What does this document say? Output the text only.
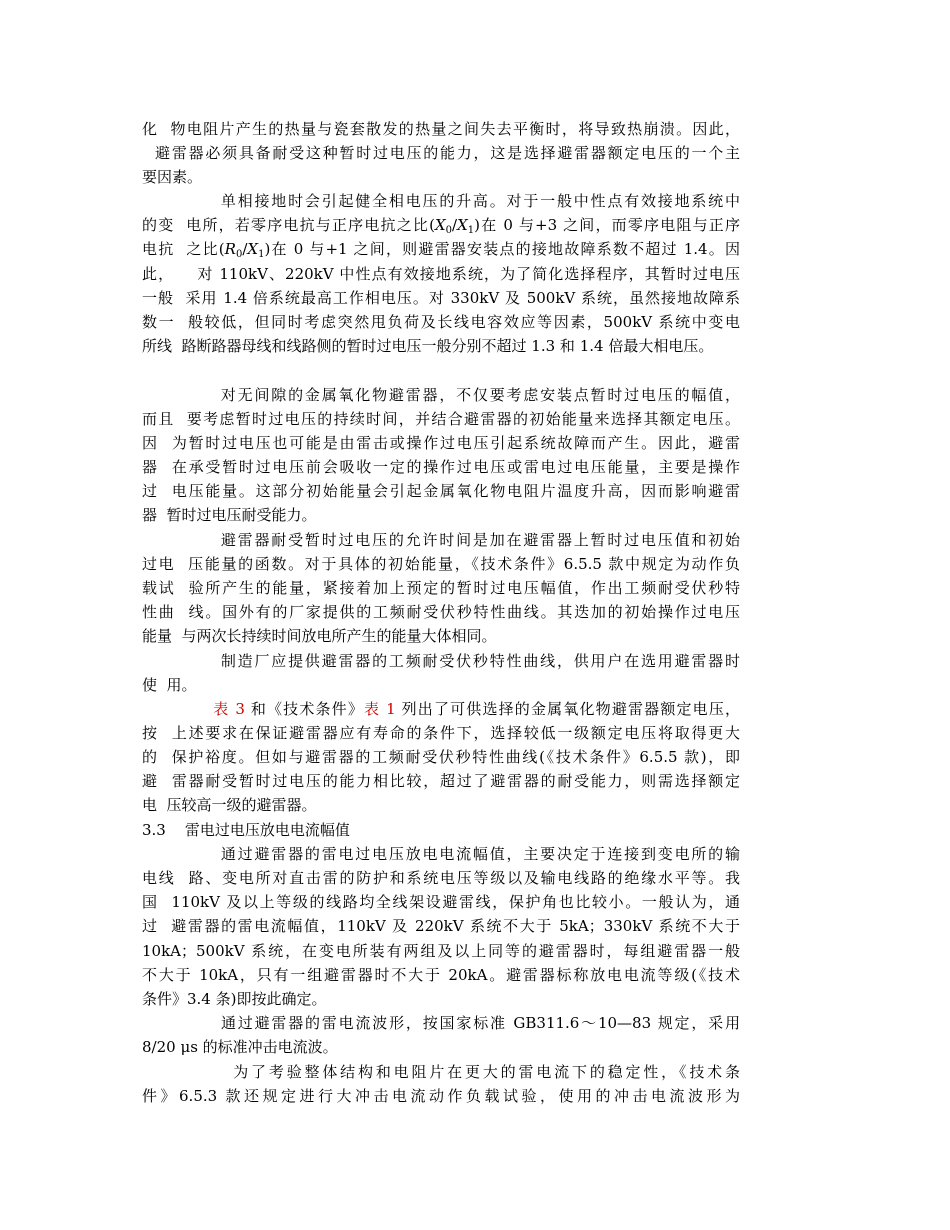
化  物电阻片产生的热量与瓷套散发的热量之间失去平衡时，将导致热崩溃。因此，
避雷器必须具备耐受这种暂时过电压的能力，这是选择避雷器额定电压的一个主
要因素。
单相接地时会引起健全相电压的升高。对于一般中性点有效接地系统中
的变  电所，若零序电抗与正序电抗之比$(X_0/X_1)$在 0 与+3 之间，而零序电阻与正序
电抗  之比$(R_0/X_1)$在 0 与+1 之间，则避雷器安装点的接地故障系数不超过 1.4。因
此，    对 110kV、220kV 中性点有效接地系统，为了简化选择程序，其暂时过电压
一般  采用 1.4 倍系统最高工作相电压。对 330kV 及 500kV 系统，虽然接地故障系
数一  般较低，但同时考虑突然甩负荷及长线电容效应等因素，500kV 系统中变电
所线  路断路器母线和线路侧的暂时过电压一般分别不超过 1.3 和 1.4 倍最大相电压。
对无间隙的金属氧化物避雷器，不仅要考虑安装点暂时过电压的幅值，
而且  要考虑暂时过电压的持续时间，并结合避雷器的初始能量来选择其额定电压。
因  为暂时过电压也可能是由雷击或操作过电压引起系统故障而产生。因此，避雷
器  在承受暂时过电压前会吸收一定的操作过电压或雷电过电压能量，主要是操作
过  电压能量。这部分初始能量会引起金属氧化物电阻片温度升高，因而影响避雷
器  暂时过电压耐受能力。
避雷器耐受暂时过电压的允许时间是加在避雷器上暂时过电压值和初始
过电  压能量的函数。对于具体的初始能量，《技术条件》6.5.5 款中规定为动作负
载试  验所产生的能量，紧接着加上预定的暂时过电压幅值，作出工频耐受伏秒特
性曲  线。国外有的厂家提供的工频耐受伏秒特性曲线。其迭加的初始操作过电压
能量  与两次长持续时间放电所产生的能量大体相同。
制造厂应提供避雷器的工频耐受伏秒特性曲线，供用户在选用避雷器时
使  用。
表 3 和《技术条件》表 1 列出了可供选择的金属氧化物避雷器额定电压，
按  上述要求在保证避雷器应有寿命的条件下，选择较低一级额定电压将取得更大
的  保护裕度。但如与避雷器的工频耐受伏秒特性曲线(《技术条件》6.5.5 款)，即
避  雷器耐受暂时过电压的能力相比较，超过了避雷器的耐受能力，则需选择额定
电  压较高一级的避雷器。
3.3    雷电过电压放电电流幅值
通过避雷器的雷电过电压放电电流幅值，主要决定于连接到变电所的输
电线  路、变电所对直击雷的防护和系统电压等级以及输电线路的绝缘水平等。我
国  110kV 及以上等级的线路均全线架设避雷线，保护角也比较小。一般认为，通
过  避雷器的雷电流幅值，110kV 及 220kV 系统不大于 5kA；330kV 系统不大于
10kA；500kV 系统，在变电所装有两组及以上同等的避雷器时，每组避雷器一般
不大于 10kA，只有一组避雷器时不大于 20kA。避雷器标称放电电流等级(《技术
条件》3.4 条)即按此确定。
通过避雷器的雷电流波形，按国家标准 GB311.6～10—83 规定，采用
8/20 μs 的标准冲击电流波。
为了考验整体结构和电阻片在更大的雷电流下的稳定性，《技术条
件》6.5.3 款还规定进行大冲击电流动作负载试验，使用的冲击电流波形为
